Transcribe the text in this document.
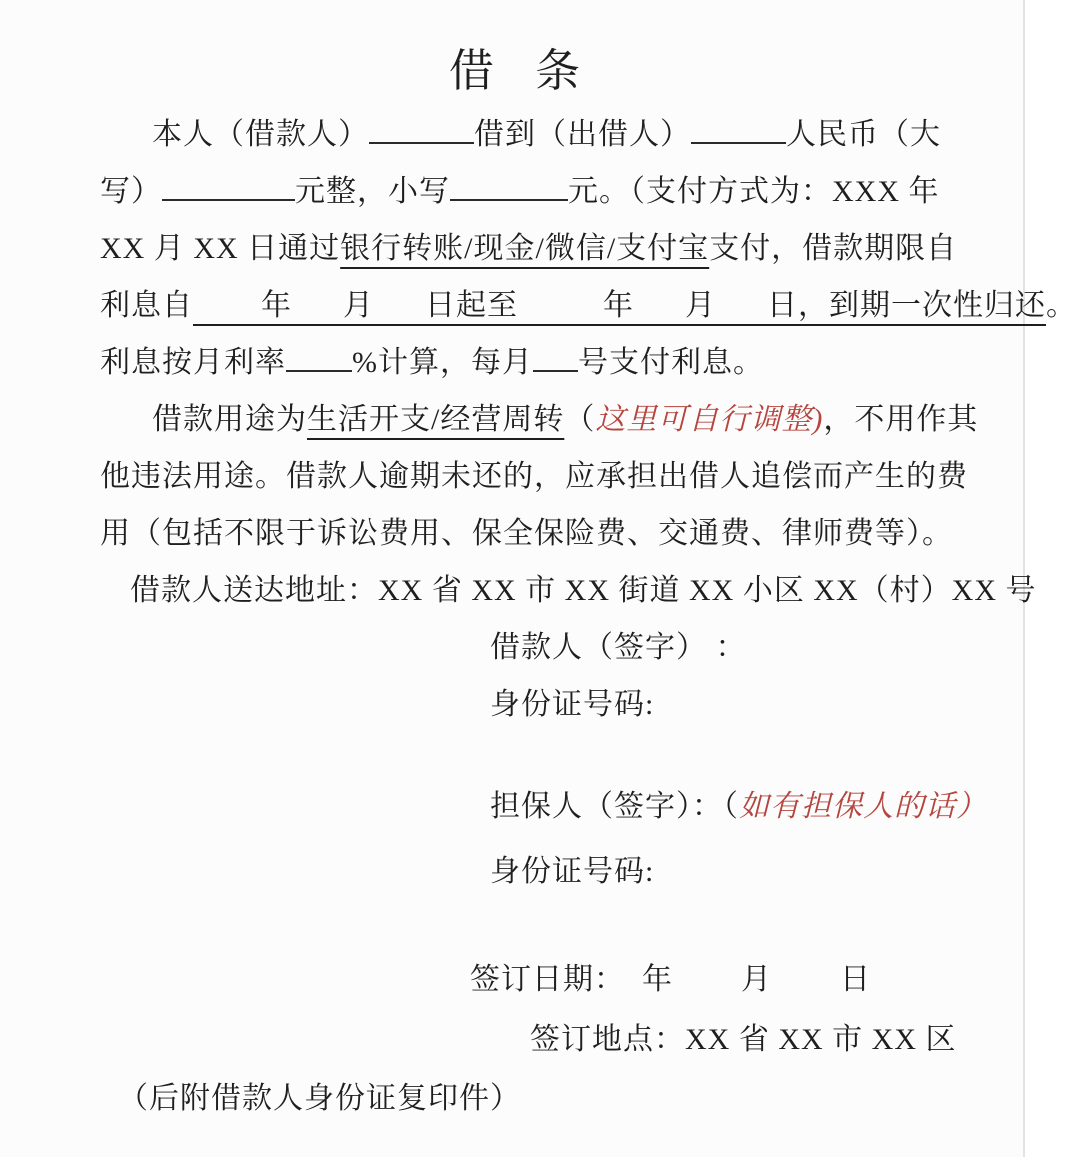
借 条
本人（借款人）	借到（出借人）	人民币（大
写）	元整，小写	元。（支付方式为：XXX 年
XX 月 XX 日通过银行转账/现金/微信/支付宝支付，借款期限自
利息自        年      月      日起至          年      月      日，到期一次性归还。
利息按月利率 %计算，每月 号支付利息。
借款用途为生活开支/经营周转（这里可自行调整)，不用作其
他违法用途。借款人逾期未还的，应承担出借人追偿而产生的费
用（包括不限于诉讼费用、保全保险费、交通费、律师费等）。
借款人送达地址：XX 省 XX 市 XX 街道 XX 小区 XX（村）XX 号
借款人（签字） ：
身份证号码:
担保人（签字）：（如有担保人的话）
身份证号码:
签订日期：  年        月        日
签订地点：XX 省 XX 市 XX 区
（后附借款人身份证复印件）
